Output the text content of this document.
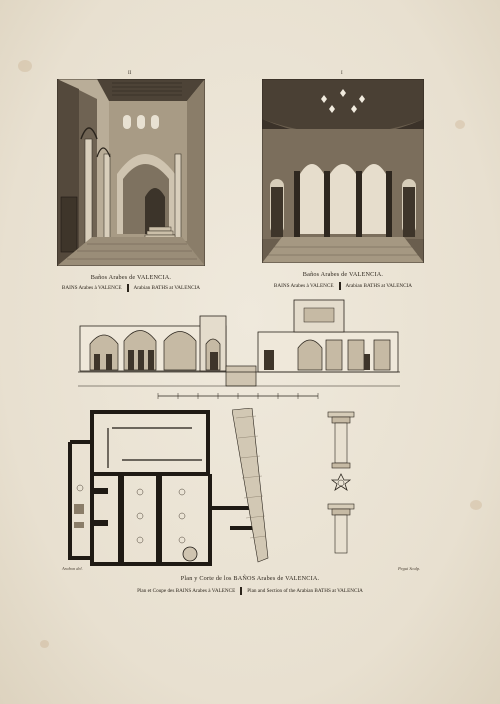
II
Baños Arabes de VALENCIA.
BAINS Arabes à VALENCE Arabian BATHS at VALENCIA
I
Baños Arabes de VALENCIA.
BAINS Arabes à VALENCE Arabian BATHS at VALENCIA
Arabon del.	Pegui Sculp.
Plan y Corte de los BAÑOS Arabes de VALENCIA.
Plan et Coupe des BAINS Arabes à VALENCE Plan and Section of the Arabian BATHS at VALENCIA
